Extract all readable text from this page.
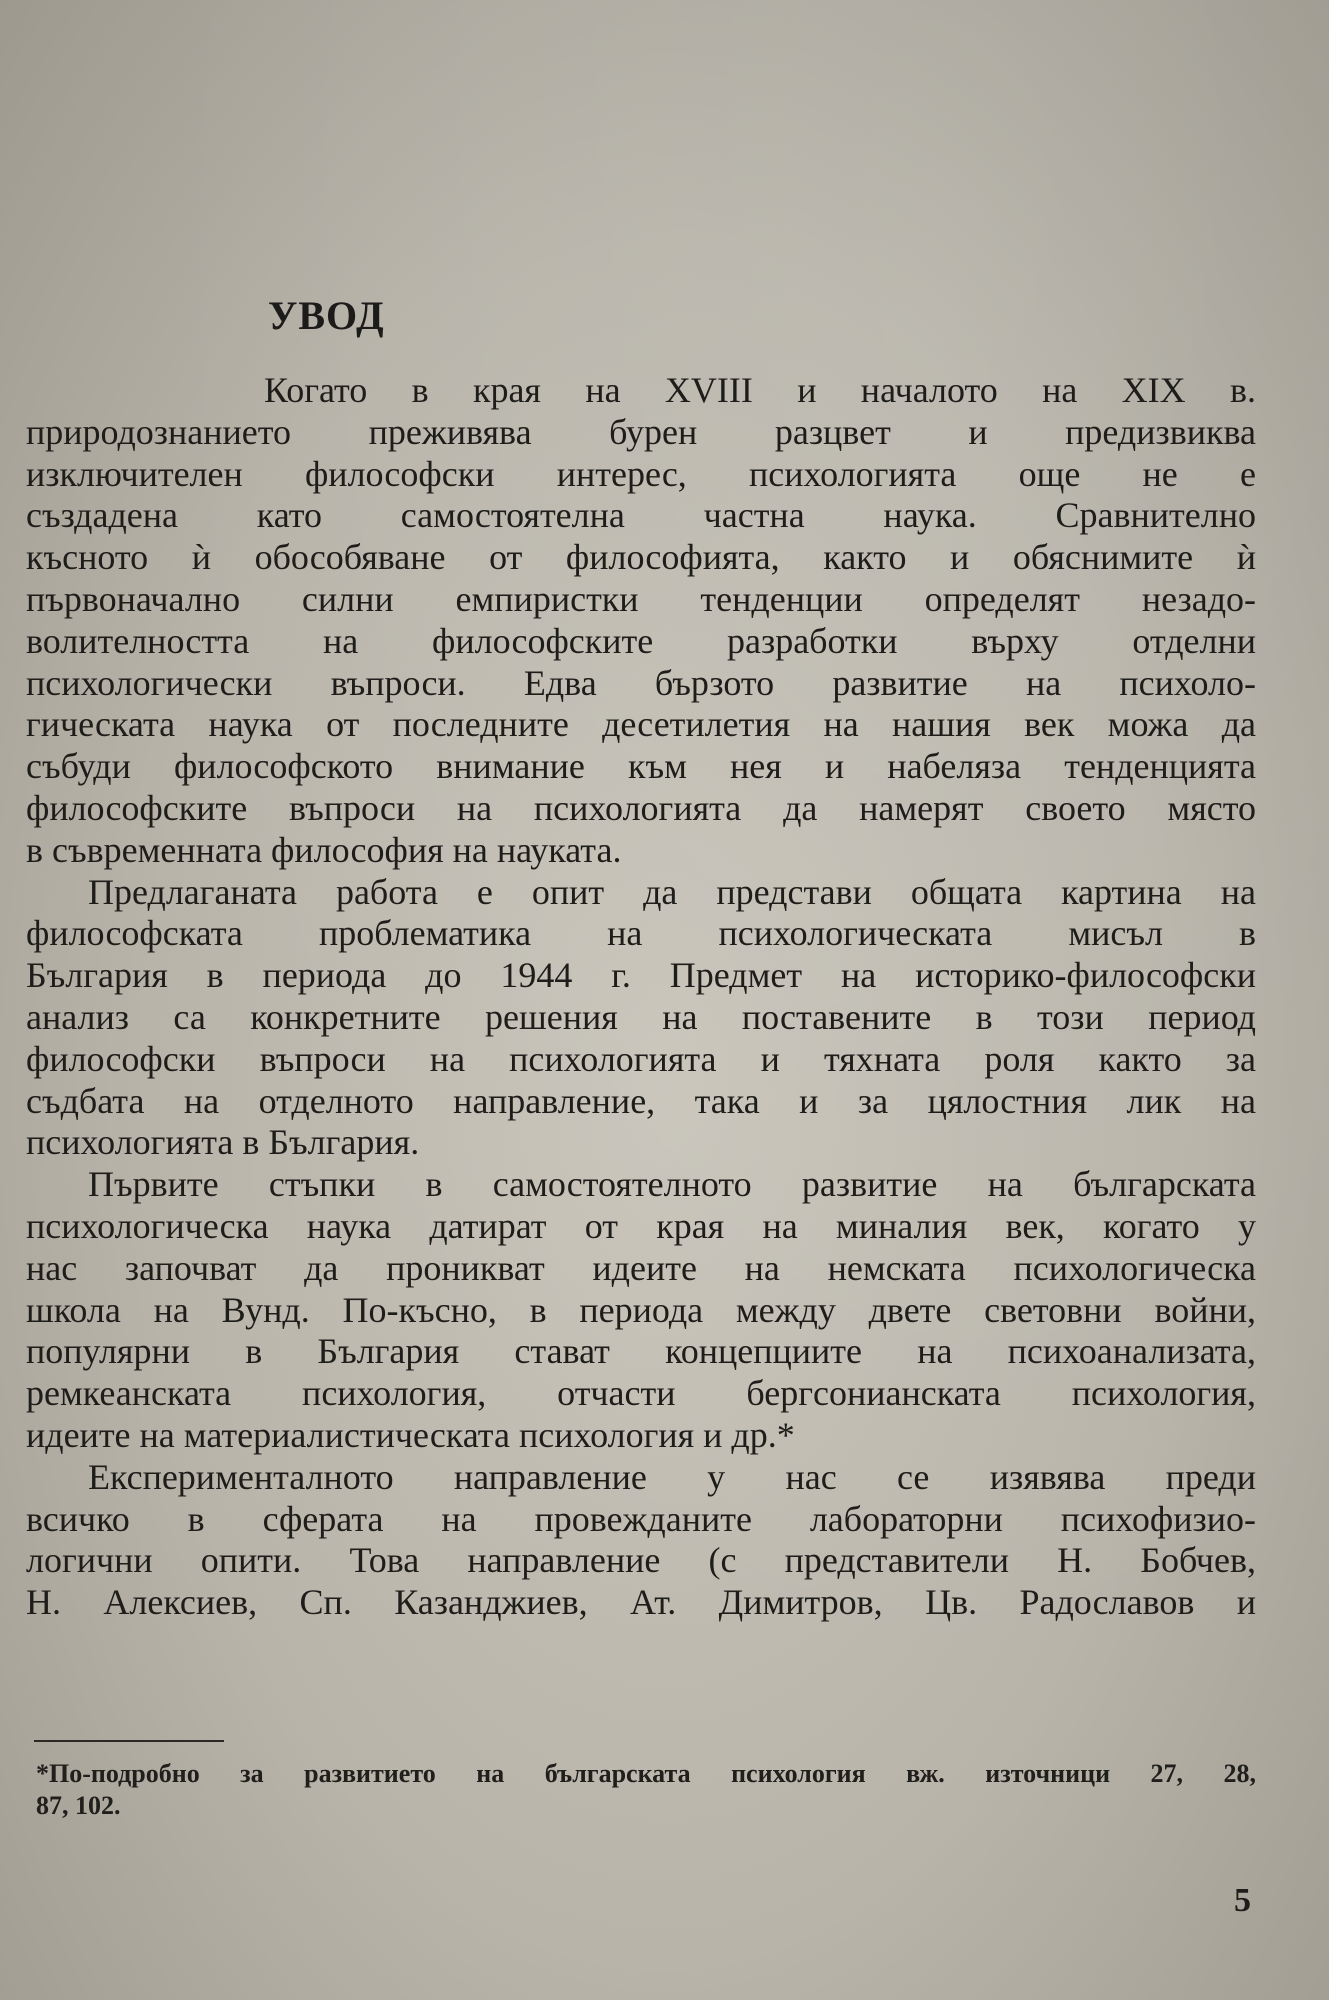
УВОД
Когато в края на XVIII и началото на XIX в.
природознанието преживява бурен разцвет и предизвиква
изключителен философски интерес, психологията още не е
създадена като самостоятелна частна наука. Сравнително
късното ѝ обособяване от философията, както и обяснимите ѝ
първоначално силни емпиристки тенденции определят незадо-
волителността на философските разработки върху отделни
психологически въпроси. Едва бързото развитие на психоло-
гическата наука от последните десетилетия на нашия век можа да
събуди философското внимание към нея и набеляза тенденцията
философските въпроси на психологията да намерят своето място
в съвременната философия на науката.
Предлаганата работа е опит да представи общата картина на
философската проблематика на психологическата мисъл в
България в периода до 1944 г. Предмет на историко-философски
анализ са конкретните решения на поставените в този период
философски въпроси на психологията и тяхната роля както за
съдбата на отделното направление, така и за цялостния лик на
психологията в България.
Първите стъпки в самостоятелното развитие на българската
психологическа наука датират от края на миналия век, когато у
нас започват да проникват идеите на немската психологическа
школа на Вунд. По-късно, в периода между двете световни войни,
популярни в България стават концепциите на психоанализата,
ремкеанската психология, отчасти бергсонианската психология,
идеите на материалистическата психология и др.*
Експерименталното направление у нас се изявява преди
всичко в сферата на провежданите лабораторни психофизио-
логични опити. Това направление (с представители Н. Бобчев,
Н. Алексиев, Сп. Казанджиев, Ат. Димитров, Цв. Радославов и
*По-подробно за развитието на българската психология вж. източници 27, 28,
87, 102.
5
